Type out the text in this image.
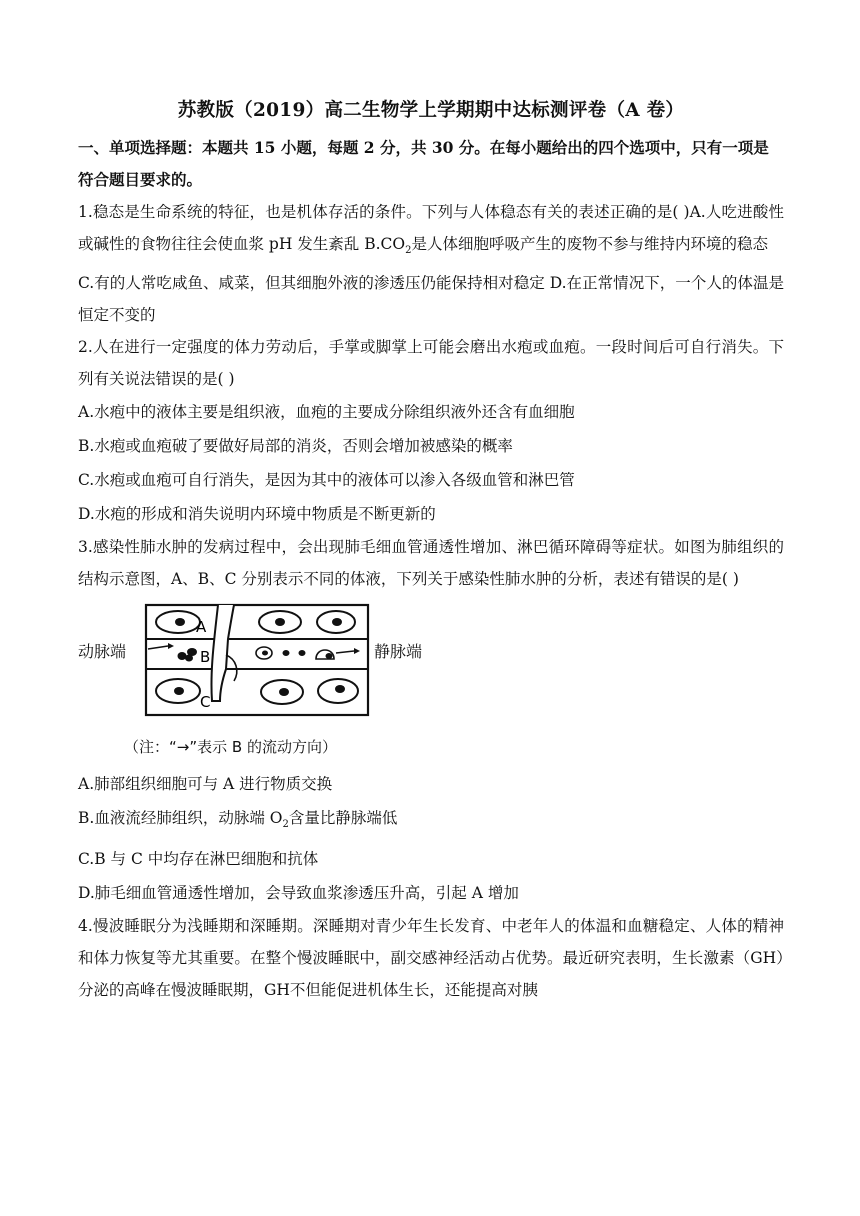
苏教版（2019）高二生物学上学期期中达标测评卷（A 卷）

一、单项选择题：本题共 15 小题，每题 2 分，共 30 分。在每小题给出的四个选项中，只有一项是符合题目要求的。

1.稳态是生命系统的特征，也是机体存活的条件。下列与人体稳态有关的表述正确的是( )A.人吃进酸性或碱性的食物往往会使血浆 pH 发生紊乱 $B.CO_2$是人体细胞呼吸产生的废物不参与维持内环境的稳态

C.有的人常吃咸鱼、咸菜，但其细胞外液的渗透压仍能保持相对稳定 D.在正常情况下，一个人的体温是恒定不变的

2.人在进行一定强度的体力劳动后，手掌或脚掌上可能会磨出水疱或血疱。一段时间后可自行消失。下列有关说法错误的是( )

A.水疱中的液体主要是组织液，血疱的主要成分除组织液外还含有血细胞

B.水疱或血疱破了要做好局部的消炎，否则会增加被感染的概率

C.水疱或血疱可自行消失，是因为其中的液体可以渗入各级血管和淋巴管

D.水疱的形成和消失说明内环境中物质是不断更新的

3.感染性肺水肿的发病过程中，会出现肺毛细血管通透性增加、淋巴循环障碍等症状。如图为肺组织的结构示意图，A、B、C 分别表示不同的体液，下列关于感染性肺水肿的分析，表述有错误的是( )

动脉端
A
B
C
静脉端

（注：“→”表示 B 的流动方向）

A.肺部组织细胞可与 A 进行物质交换

B.血液流经肺组织，动脉端 $O_2$含量比静脉端低

C.B 与 C 中均存在淋巴细胞和抗体

D.肺毛细血管通透性增加，会导致血浆渗透压升高，引起 A 增加

4.慢波睡眠分为浅睡期和深睡期。深睡期对青少年生长发育、中老年人的体温和血糖稳定、人体的精神和体力恢复等尤其重要。在整个慢波睡眠中，副交感神经活动占优势。最近研究表明，生长激素（GH）分泌的高峰在慢波睡眠期，GH不但能促进机体生长，还能提高对胰
